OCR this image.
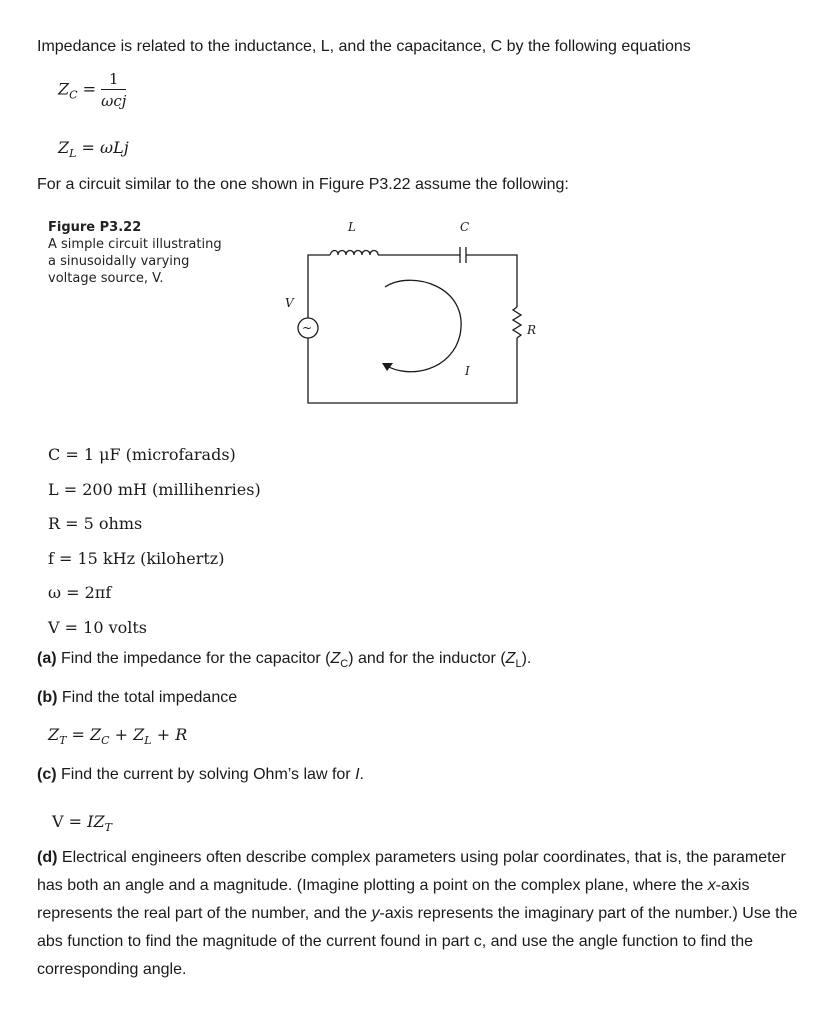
Impedance is related to the inductance, L, and the capacitance, C by the following equations
$Z_C = \frac{1}{\text{ωcj}}$
$Z_L = \omega Lj$
For a circuit similar to the one shown in Figure P3.22 assume the following:
Figure P3.22
A simple circuit illustrating
a sinusoidally varying
voltage source, V.
L	C
R
V
I
~
C = 1 μF (microfarads)
L = 200 mH (millihenries)
R = 5 ohms
f = 15 kHz (kilohertz)
ω = 2πf
V = 10 volts
(a) Find the impedance for the capacitor $(Z_C)$ and for the inductor $(Z_L)$.
(b) Find the total impedance
$Z_T = Z_C + Z_L + R$
(c) Find the current by solving Ohm’s law for I.
$V = IZ_T$
(d) Electrical engineers often describe complex parameters using polar coordinates, that is, the parameter has both an angle and a magnitude. (Imagine plotting a point on the complex plane, where the x-axis represents the real part of the number, and the y-axis represents the imaginary part of the number.) Use the abs function to find the magnitude of the current found in part c, and use the angle function to find the corresponding angle.
